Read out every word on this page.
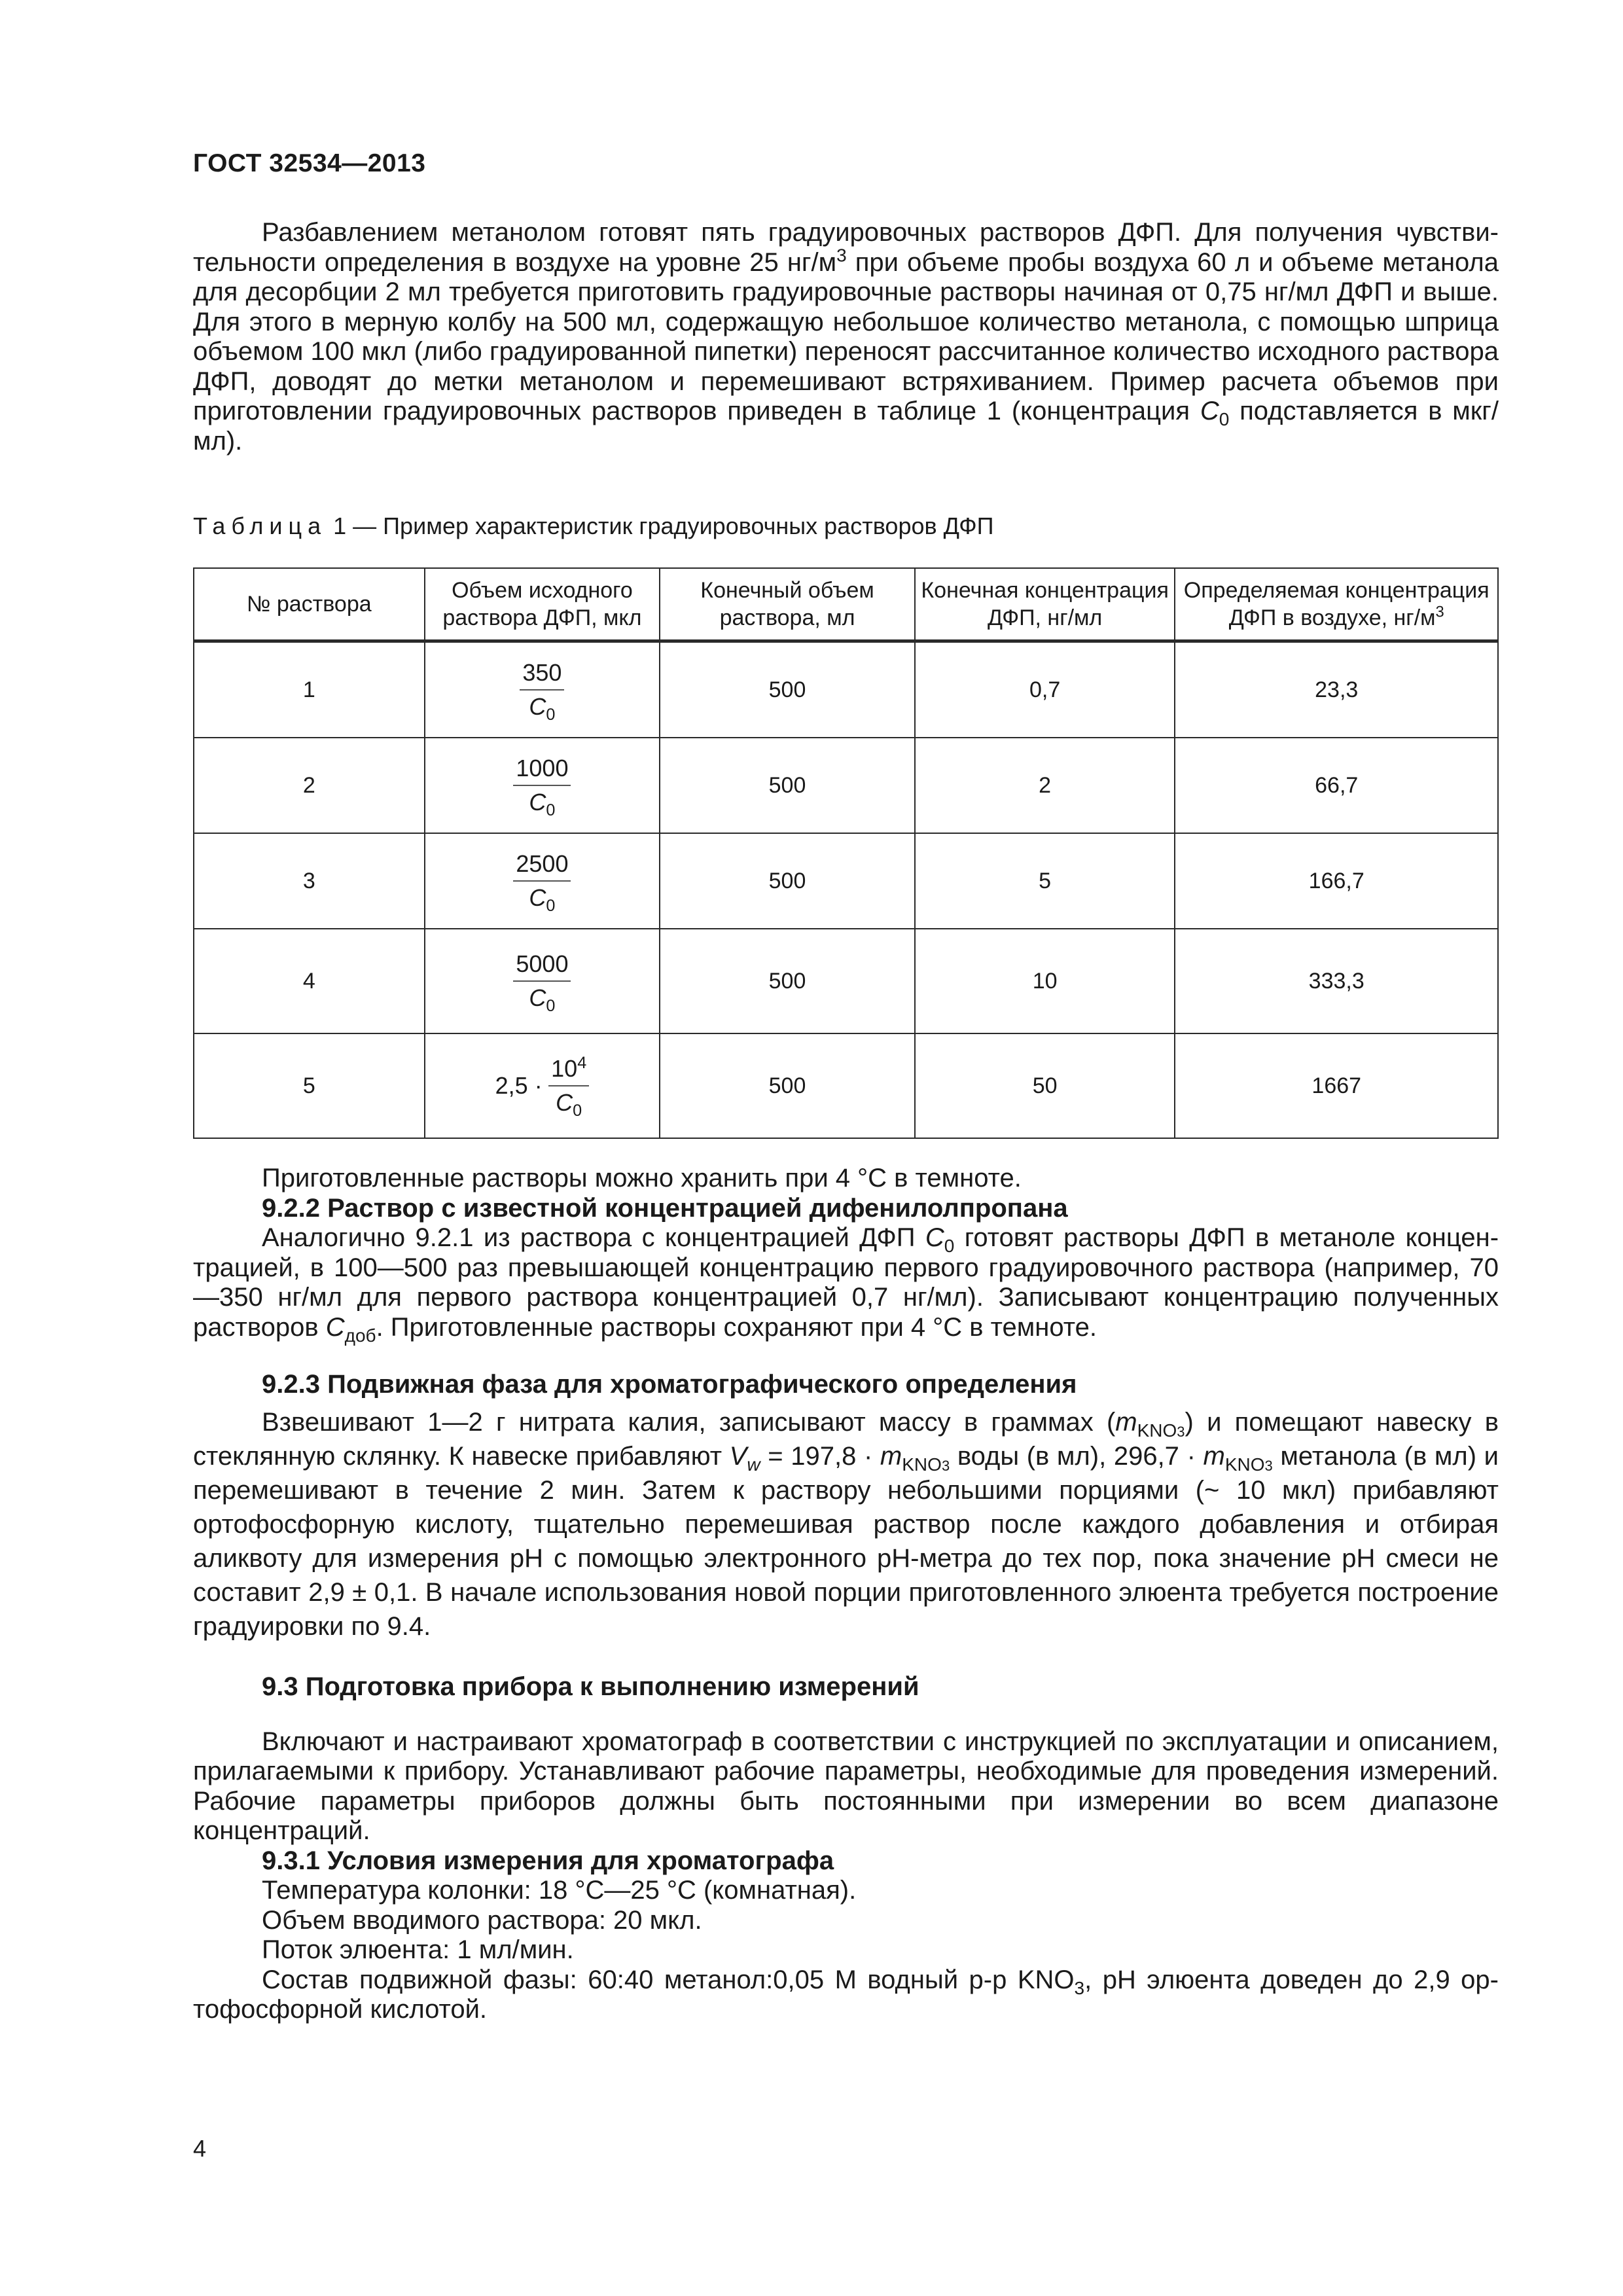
ГОСТ 32534—2013

Разбавлением метанолом готовят пять градуировочных растворов ДФП. Для получения чувствительности определения в воздухе на уровне 25 $нг/м^3$ при объеме пробы воздуха 60 л и объеме метанола для десорбции 2 мл требуется приготовить градуировочные растворы начиная от 0,75 нг/мл ДФП и выше. Для этого в мерную колбу на 500 мл, содержащую небольшое количество метанола, с помощью шприца объемом 100 мкл (либо градуированной пипетки) переносят рассчитанное количество исходного раствора ДФП, доводят до метки метанолом и перемешивают встряхиванием. Пример расчета объемов при приготовлении градуировочных растворов приведен в таблице 1 (концентрация $C_0$ подставляется в мкг/мл).

Таблица 1 — Пример характеристик градуировочных растворов ДФП
№ раствора	Объем исходного раствора ДФП, мкл	Конечный объем раствора, мл	Конечная концентрация ДФП, нг/мл	Определяемая концентрация ДФП в воздухе, $нг/м^3$
1	$\frac{350}{C_0}$	500	0,7	23,3
2	$\frac{1000}{C_0}$	500	2	66,7
3	$\frac{2500}{C_0}$	500	5	166,7
4	$\frac{5000}{C_0}$	500	10	333,3
5	$2,5 \cdot \frac{10^4}{C_0}$	500	50	1667

Приготовленные растворы можно хранить при 4 °С в темноте.

9.2.2 Раствор с известной концентрацией дифенилолпропана

Аналогично 9.2.1 из раствора с концентрацией ДФП $C_0$ готовят растворы ДФП в метаноле концентрацией, в 100—500 раз превышающей концентрацию первого градуировочного раствора (например, 70—350 нг/мл для первого раствора концентрацией 0,7 нг/мл). Записывают концентрацию полученных растворов $C_{доб}$. Приготовленные растворы сохраняют при 4 °С в темноте.

9.2.3 Подвижная фаза для хроматографического определения

Взвешивают 1—2 г нитрата калия, записывают массу в граммах $(m_{KNO3})$ и помещают навеску в стеклянную склянку. К навеске прибавляют $V_w = 197,8 \cdot m_{KNO3}$ воды (в мл), $296,7 \cdot m_{KNO3}$ метанола (в мл) и перемешивают в течение 2 мин. Затем к раствору небольшими порциями (~ 10 мкл) прибавляют ортофосфорную кислоту, тщательно перемешивая раствор после каждого добавления и отбирая аликвоту для измерения pH с помощью электронного pH-метра до тех пор, пока значение pH смеси не составит 2,9 ± 0,1. В начале использования новой порции приготовленного элюента требуется построение градуировки по 9.4.

9.3 Подготовка прибора к выполнению измерений

Включают и настраивают хроматограф в соответствии с инструкцией по эксплуатации и описанием, прилагаемыми к прибору. Устанавливают рабочие параметры, необходимые для проведения измерений. Рабочие параметры приборов должны быть постоянными при измерении во всем диапазоне концентраций.

9.3.1 Условия измерения для хроматографа

Температура колонки: 18 °С—25 °С (комнатная).

Объем вводимого раствора: 20 мкл.

Поток элюента: 1 мл/мин.

Состав подвижной фазы: 60:40 метанол:0,05 М водный р-р $KNO_3$, pH элюента доведен до 2,9 ортофосфорной кислотой.

4
